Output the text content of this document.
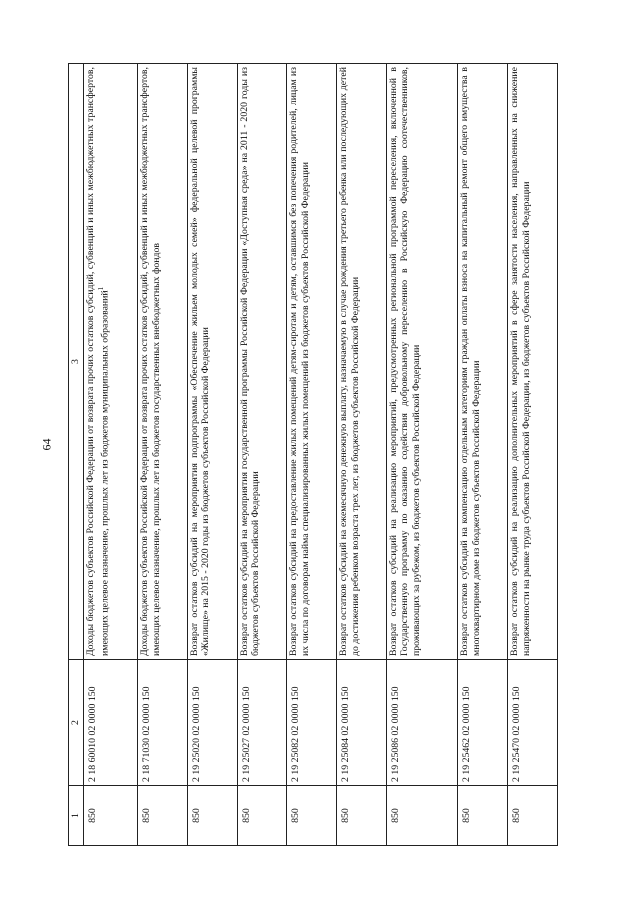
64
1	2	3
850	2 18 60010 02 0000 150	Доходы бюджетов субъектов Российской Федерации от возврата прочих остатков субсидий, субвенций и иных межбюджетных трансфертов, имеющих целевое назначение, прошлых лет из бюджетов муниципальных образований$^1$
850	2 18 71030 02 0000 150	Доходы бюджетов субъектов Российской Федерации от возврата прочих остатков субсидий, субвенций и иных межбюджетных трансфертов, имеющих целевое назначение, прошлых лет из бюджетов государственных внебюджетных фондов
850	2 19 25020 02 0000 150	Возврат остатков субсидий на мероприятия подпрограммы «Обеспечение жильем молодых семей» федеральной целевой программы «Жилище» на 2015 - 2020 годы из бюджетов субъектов Российской Федерации
850	2 19 25027 02 0000 150	Возврат остатков субсидий на мероприятия государственной программы Российской Федерации «Доступная среда» на 2011 - 2020 годы из бюджетов субъектов Российской Федерации
850	2 19 25082 02 0000 150	Возврат остатков субсидий на предоставление жилых помещений детям-сиротам и детям, оставшимся без попечения родителей, лицам из их числа по договорам найма специализированных жилых помещений из бюджетов субъектов Российской Федерации
850	2 19 25084 02 0000 150	Возврат остатков субсидий на ежемесячную денежную выплату, назначаемую в случае рождения третьего ребенка или последующих детей до достижения ребенком возраста трех лет, из бюджетов субъектов Российской Федерации
850	2 19 25086 02 0000 150	Возврат остатков субсидий на реализацию мероприятий, предусмотренных региональной программой переселения, включенной в Государственную программу по оказанию содействия добровольному переселению в Российскую Федерацию соотечественников, проживающих за рубежом, из бюджетов субъектов Российской Федерации
850	2 19 25462 02 0000 150	Возврат остатков субсидий на компенсацию отдельным категориям граждан оплаты взноса на капитальный ремонт общего имущества в многоквартирном доме из бюджетов субъектов Российской Федерации
850	2 19 25470 02 0000 150	Возврат остатков субсидий на реализацию дополнительных мероприятий в сфере занятости населения, направленных на снижение напряженности на рынке труда субъектов Российской Федерации, из бюджетов субъектов Российской Федерации
